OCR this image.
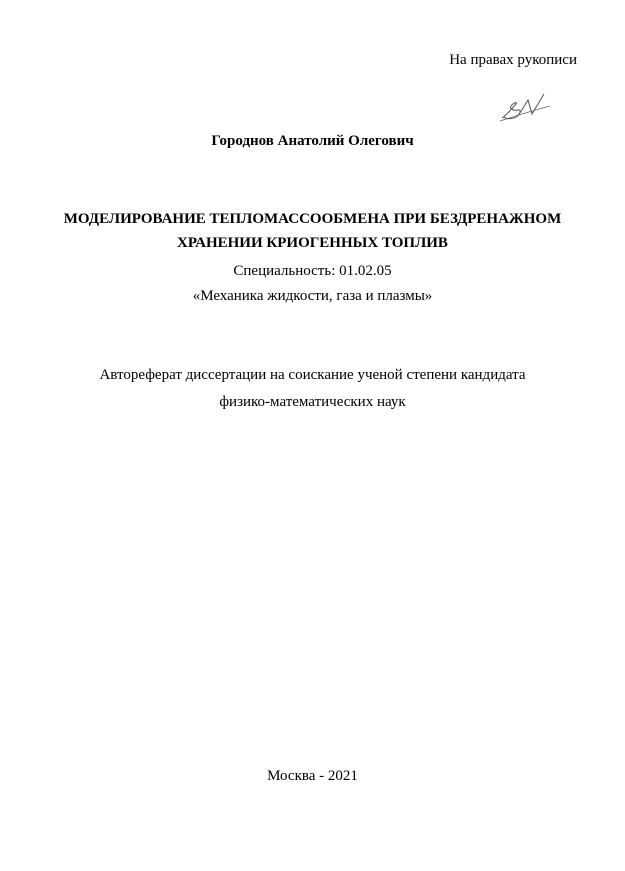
На правах рукописи
Городнов Анатолий Олегович
МОДЕЛИРОВАНИЕ ТЕПЛОМАССООБМЕНА ПРИ БЕЗДРЕНАЖНОМ
ХРАНЕНИИ КРИОГЕННЫХ ТОПЛИВ
Специальность: 01.02.05
«Механика жидкости, газа и плазмы»
Автореферат диссертации на соискание ученой степени кандидата
физико-математических наук
Москва - 2021
